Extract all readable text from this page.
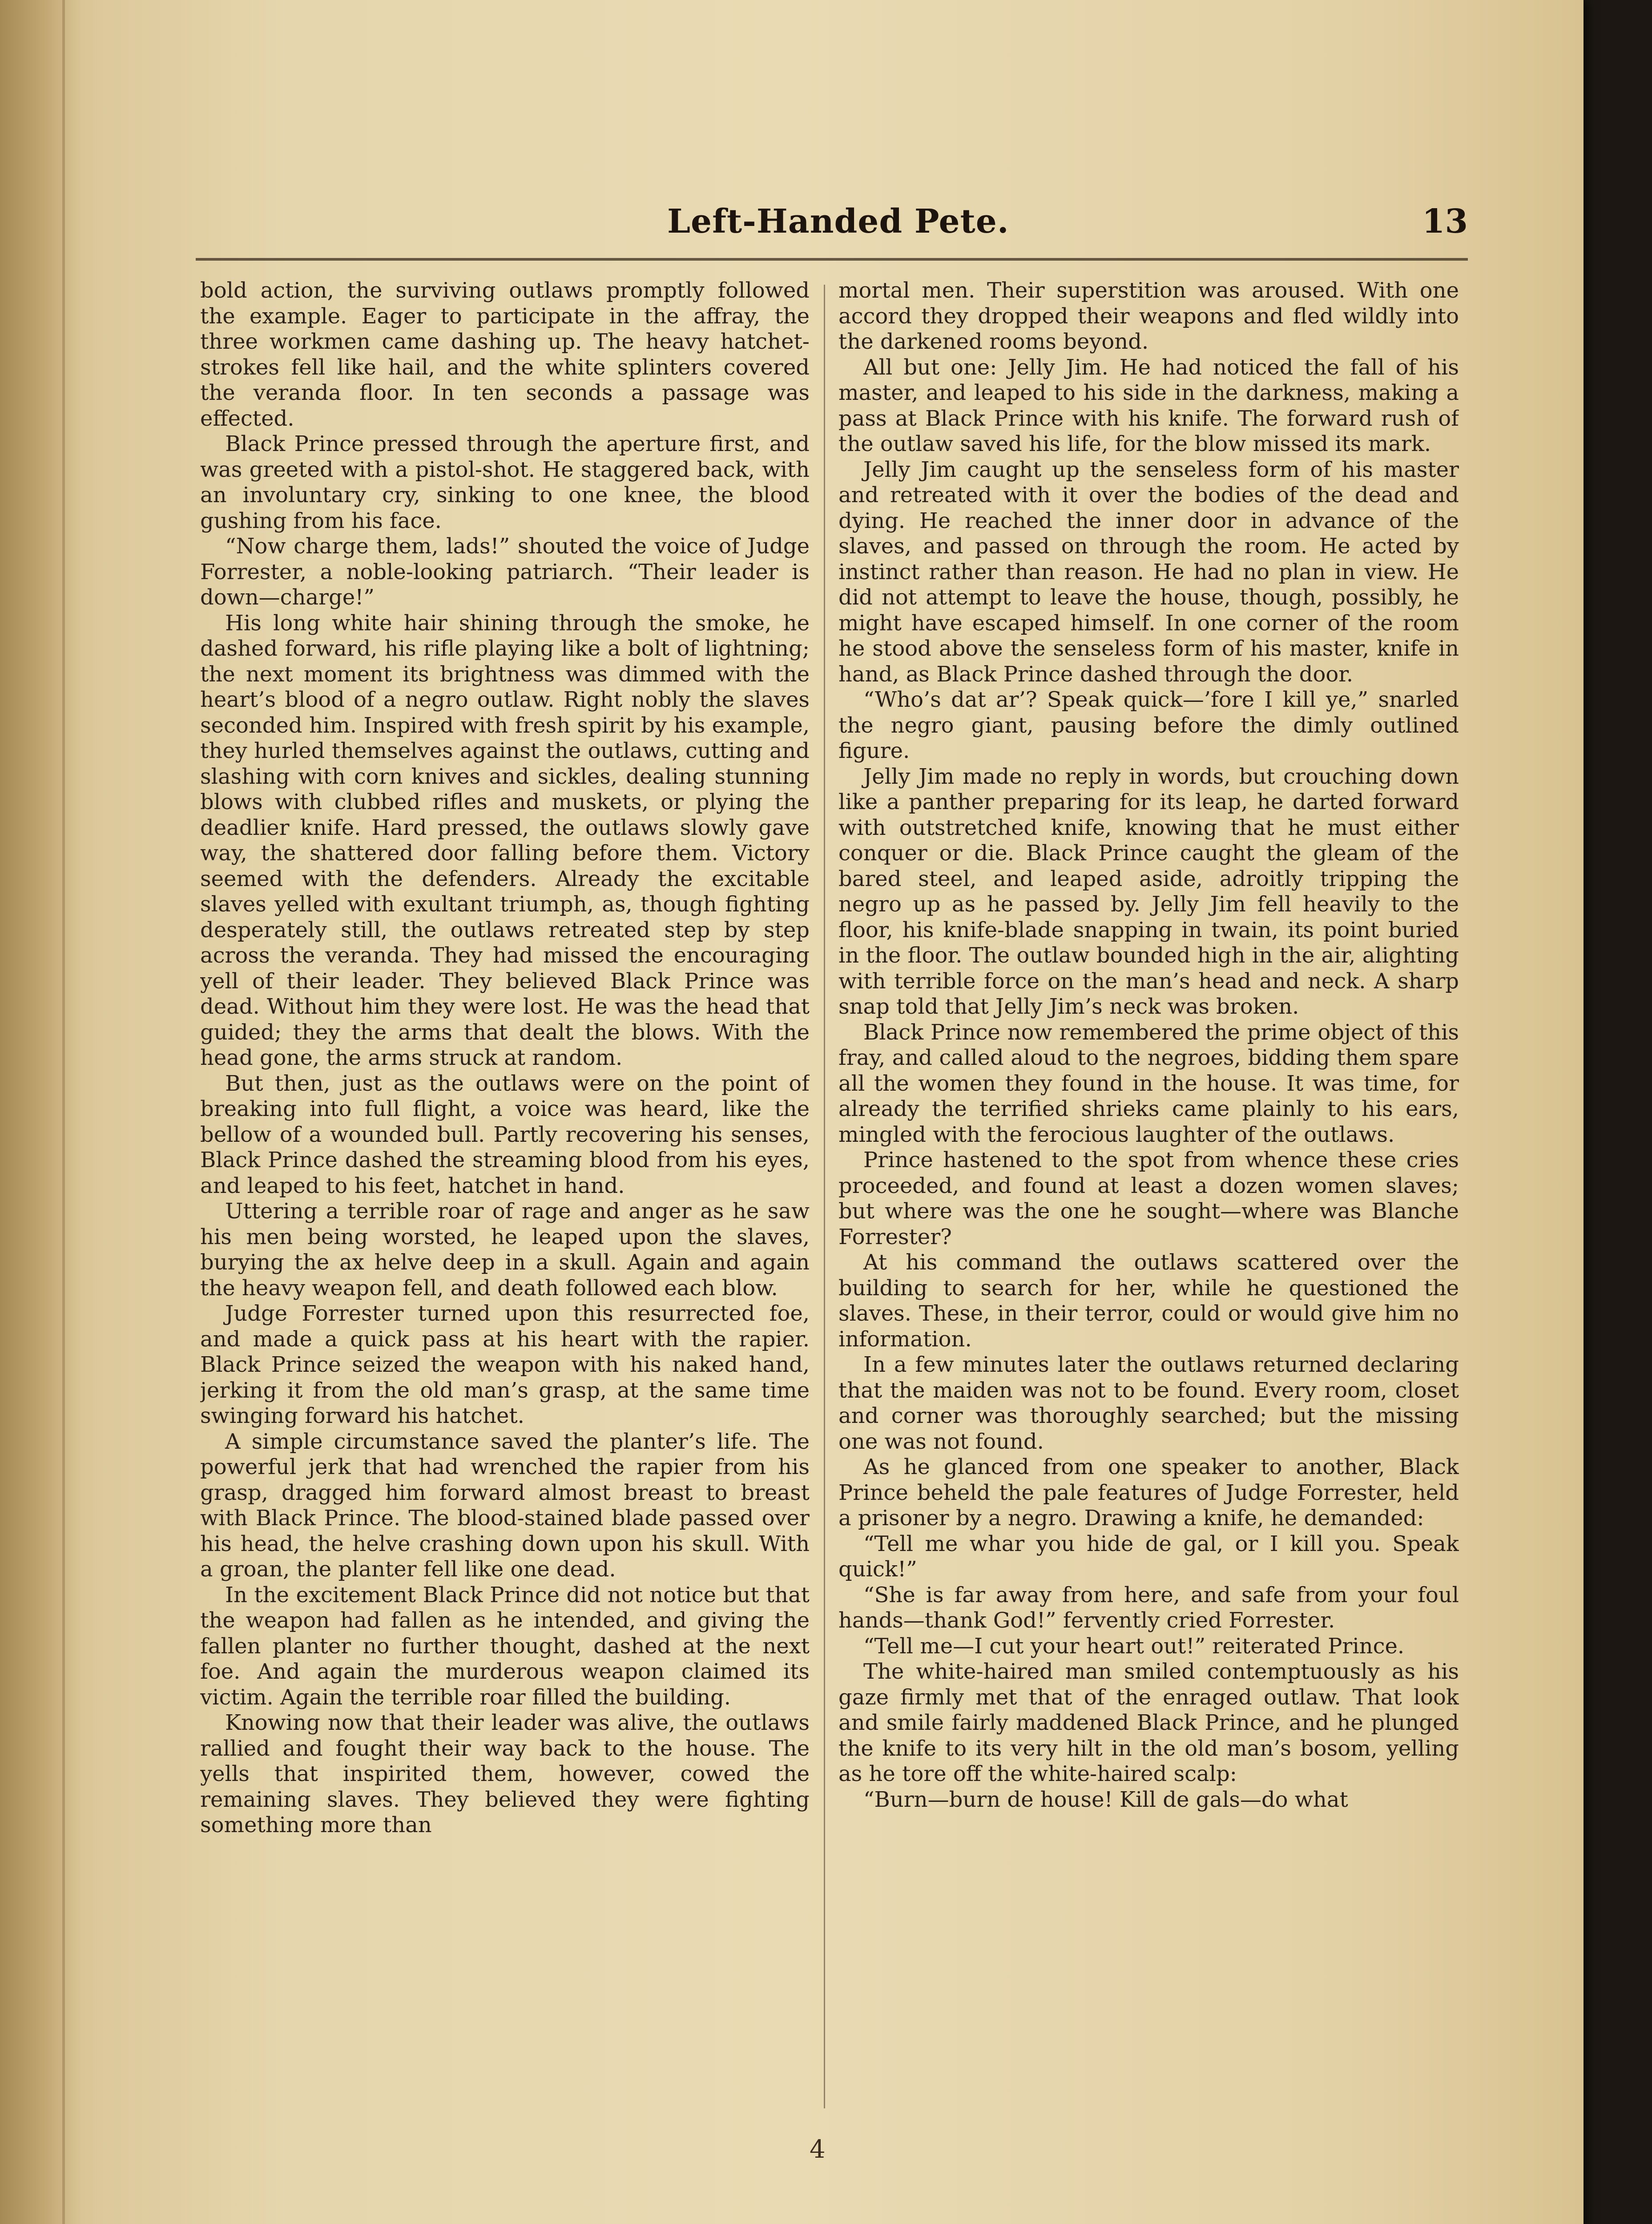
Left-Handed Pete.	13

bold action, the surviving outlaws promptly followed the example. Eager to participate in the affray, the three workmen came dashing up. The heavy hatchet-strokes fell like hail, and the white splinters covered the veranda floor. In ten seconds a passage was effected.

Black Prince pressed through the aperture first, and was greeted with a pistol-shot. He staggered back, with an involuntary cry, sinking to one knee, the blood gushing from his face.

“Now charge them, lads!” shouted the voice of Judge Forrester, a noble-looking patriarch. “Their leader is down—charge!”

His long white hair shining through the smoke, he dashed forward, his rifle playing like a bolt of lightning; the next moment its brightness was dimmed with the heart’s blood of a negro outlaw. Right nobly the slaves seconded him. Inspired with fresh spirit by his example, they hurled themselves against the outlaws, cutting and slashing with corn knives and sickles, dealing stunning blows with clubbed rifles and muskets, or plying the deadlier knife. Hard pressed, the outlaws slowly gave way, the shattered door falling before them. Victory seemed with the defenders. Already the excitable slaves yelled with exultant triumph, as, though fighting desperately still, the outlaws retreated step by step across the veranda. They had missed the encouraging yell of their leader. They believed Black Prince was dead. Without him they were lost. He was the head that guided; they the arms that dealt the blows. With the head gone, the arms struck at random.

But then, just as the outlaws were on the point of breaking into full flight, a voice was heard, like the bellow of a wounded bull. Partly recovering his senses, Black Prince dashed the streaming blood from his eyes, and leaped to his feet, hatchet in hand.

Uttering a terrible roar of rage and anger as he saw his men being worsted, he leaped upon the slaves, burying the ax helve deep in a skull. Again and again the heavy weapon fell, and death followed each blow.

Judge Forrester turned upon this resurrected foe, and made a quick pass at his heart with the rapier. Black Prince seized the weapon with his naked hand, jerking it from the old man’s grasp, at the same time swinging forward his hatchet.

A simple circumstance saved the planter’s life. The powerful jerk that had wrenched the rapier from his grasp, dragged him forward almost breast to breast with Black Prince. The blood-stained blade passed over his head, the helve crashing down upon his skull. With a groan, the planter fell like one dead.

In the excitement Black Prince did not notice but that the weapon had fallen as he intended, and giving the fallen planter no further thought, dashed at the next foe. And again the murderous weapon claimed its victim. Again the terrible roar filled the building.

Knowing now that their leader was alive, the outlaws rallied and fought their way back to the house. The yells that inspirited them, however, cowed the remaining slaves. They believed they were fighting something more than

mortal men. Their superstition was aroused. With one accord they dropped their weapons and fled wildly into the darkened rooms beyond.

All but one: Jelly Jim. He had noticed the fall of his master, and leaped to his side in the darkness, making a pass at Black Prince with his knife. The forward rush of the outlaw saved his life, for the blow missed its mark.

Jelly Jim caught up the senseless form of his master and retreated with it over the bodies of the dead and dying. He reached the inner door in advance of the slaves, and passed on through the room. He acted by instinct rather than reason. He had no plan in view. He did not attempt to leave the house, though, possibly, he might have escaped himself. In one corner of the room he stood above the senseless form of his master, knife in hand, as Black Prince dashed through the door.

“Who’s dat ar’? Speak quick—’fore I kill ye,” snarled the negro giant, pausing before the dimly outlined figure.

Jelly Jim made no reply in words, but crouching down like a panther preparing for its leap, he darted forward with outstretched knife, knowing that he must either conquer or die. Black Prince caught the gleam of the bared steel, and leaped aside, adroitly tripping the negro up as he passed by. Jelly Jim fell heavily to the floor, his knife-blade snapping in twain, its point buried in the floor. The outlaw bounded high in the air, alighting with terrible force on the man’s head and neck. A sharp snap told that Jelly Jim’s neck was broken.

Black Prince now remembered the prime object of this fray, and called aloud to the negroes, bidding them spare all the women they found in the house. It was time, for already the terrified shrieks came plainly to his ears, mingled with the ferocious laughter of the outlaws.

Prince hastened to the spot from whence these cries proceeded, and found at least a dozen women slaves; but where was the one he sought—where was Blanche Forrester?

At his command the outlaws scattered over the building to search for her, while he questioned the slaves. These, in their terror, could or would give him no information.

In a few minutes later the outlaws returned declaring that the maiden was not to be found. Every room, closet and corner was thoroughly searched; but the missing one was not found.

As he glanced from one speaker to another, Black Prince beheld the pale features of Judge Forrester, held a prisoner by a negro. Drawing a knife, he demanded:

“Tell me whar you hide de gal, or I kill you. Speak quick!”

“She is far away from here, and safe from your foul hands—thank God!” fervently cried Forrester.

“Tell me—I cut your heart out!” reiterated Prince.

The white-haired man smiled contemptuously as his gaze firmly met that of the enraged outlaw. That look and smile fairly maddened Black Prince, and he plunged the knife to its very hilt in the old man’s bosom, yelling as he tore off the white-haired scalp:

“Burn—burn de house! Kill de gals—do what

4
